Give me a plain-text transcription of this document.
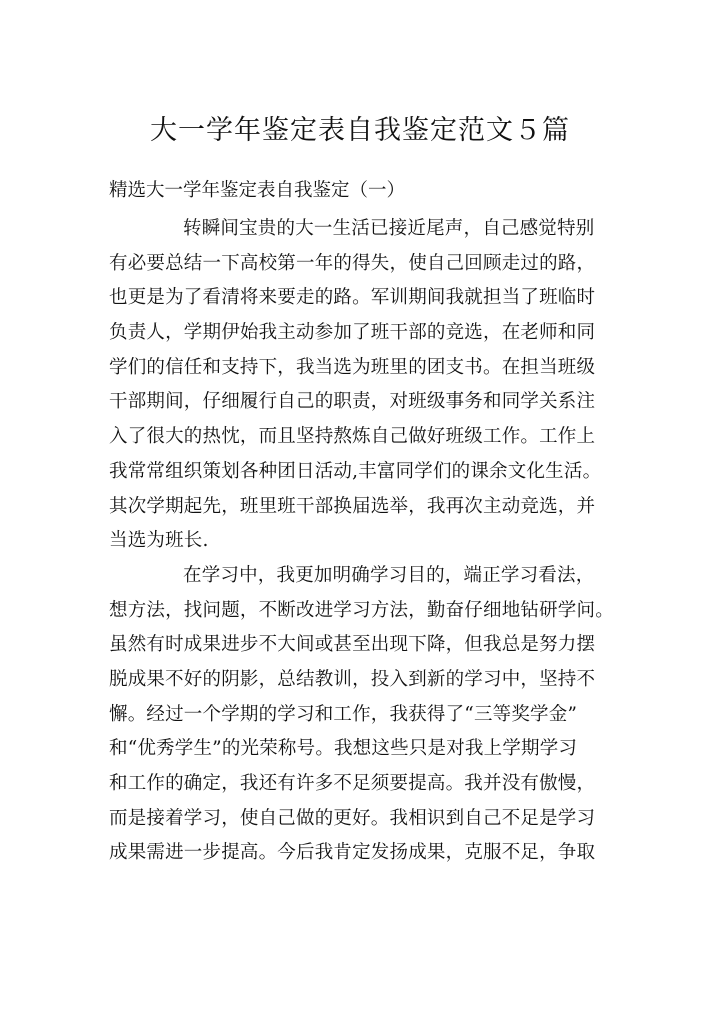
大一学年鉴定表自我鉴定范文５篇
精选大一学年鉴定表自我鉴定（一）
转瞬间宝贵的大一生活已接近尾声，自己感觉特别
有必要总结一下高校第一年的得失，使自己回顾走过的路，
也更是为了看清将来要走的路。军训期间我就担当了班临时
负责人，学期伊始我主动参加了班干部的竞选，在老师和同
学们的信任和支持下，我当选为班里的团支书。在担当班级
干部期间，仔细履行自己的职责，对班级事务和同学关系注
入了很大的热忱，而且坚持熬炼自己做好班级工作。工作上
我常常组织策划各种团日活动,丰富同学们的课余文化生活。
其次学期起先，班里班干部换届选举，我再次主动竞选，并
当选为班长.
在学习中，我更加明确学习目的，端正学习看法，
想方法，找问题，不断改进学习方法，勤奋仔细地钻研学问。
虽然有时成果进步不大间或甚至出现下降，但我总是努力摆
脱成果不好的阴影，总结教训，投入到新的学习中，坚持不
懈。经过一个学期的学习和工作，我获得了“三等奖学金”
和“优秀学生”的光荣称号。我想这些只是对我上学期学习
和工作的确定，我还有许多不足须要提高。我并没有傲慢，
而是接着学习，使自己做的更好。我相识到自己不足是学习
成果需进一步提高。今后我肯定发扬成果，克服不足，争取
